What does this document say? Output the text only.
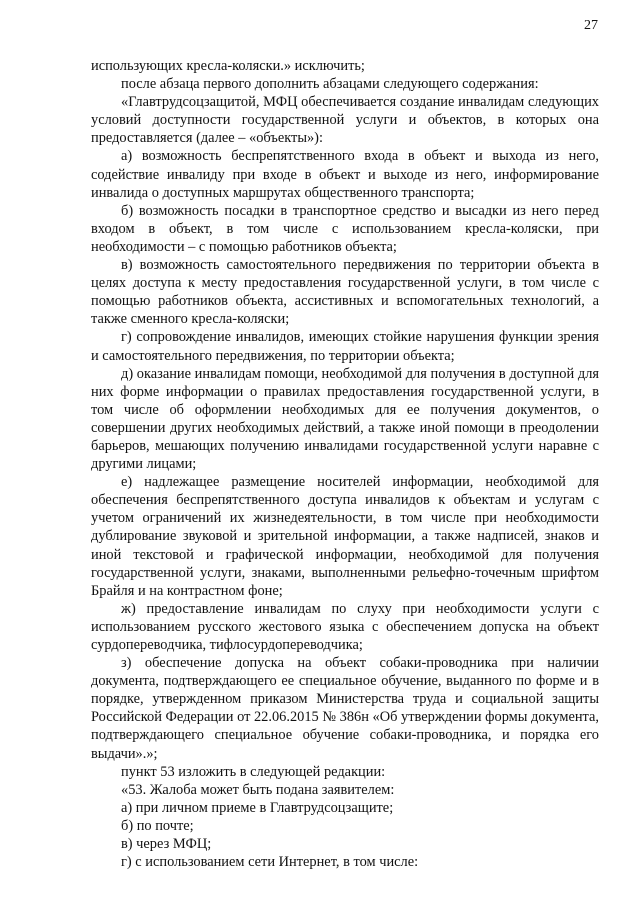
27

использующих кресла-коляски.» исключить;

после абзаца первого дополнить абзацами следующего содержания:

«Главтрудсоцзащитой, МФЦ обеспечивается создание инвалидам следующих условий доступности государственной услуги и объектов, в которых она предоставляется (далее – «объекты»):

а) возможность беспрепятственного входа в объект и выхода из него, содействие инвалиду при входе в объект и выходе из него, информирование инвалида о доступных маршрутах общественного транспорта;

б) возможность посадки в транспортное средство и высадки из него перед входом в объект, в том числе с использованием кресла-коляски, при необходимости – с помощью работников объекта;

в) возможность самостоятельного передвижения по территории объекта в целях доступа к месту предоставления государственной услуги, в том числе с помощью работников объекта, ассистивных и вспомогательных технологий, а также сменного кресла-коляски;

г) сопровождение инвалидов, имеющих стойкие нарушения функции зрения и самостоятельного передвижения, по территории объекта;

д) оказание инвалидам помощи, необходимой для получения в доступной для них форме информации о правилах предоставления государственной услуги, в том числе об оформлении необходимых для ее получения документов, о совершении других необходимых действий, а также иной помощи в преодолении барьеров, мешающих получению инвалидами государственной услуги наравне с другими лицами;

е) надлежащее размещение носителей информации, необходимой для обеспечения беспрепятственного доступа инвалидов к объектам и услугам с учетом ограничений их жизнедеятельности, в том числе при необходимости дублирование звуковой и зрительной информации, а также надписей, знаков и иной текстовой и графической информации, необходимой для получения государственной услуги, знаками, выполненными рельефно-точечным шрифтом Брайля и на контрастном фоне;

ж) предоставление инвалидам по слуху при необходимости услуги с использованием русского жестового языка с обеспечением допуска на объект сурдопереводчика, тифлосурдопереводчика;

з) обеспечение допуска на объект собаки-проводника при наличии документа, подтверждающего ее специальное обучение, выданного по форме и в порядке, утвержденном приказом Министерства труда и социальной защиты Российской Федерации от 22.06.2015 № 386н «Об утверждении формы документа, подтверждающего специальное обучение собаки-проводника, и порядка его выдачи».»;

пункт 53 изложить в следующей редакции:

«53. Жалоба может быть подана заявителем:

а) при личном приеме в Главтрудсоцзащите;

б) по почте;

в) через МФЦ;

г) с использованием сети Интернет, в том числе:
